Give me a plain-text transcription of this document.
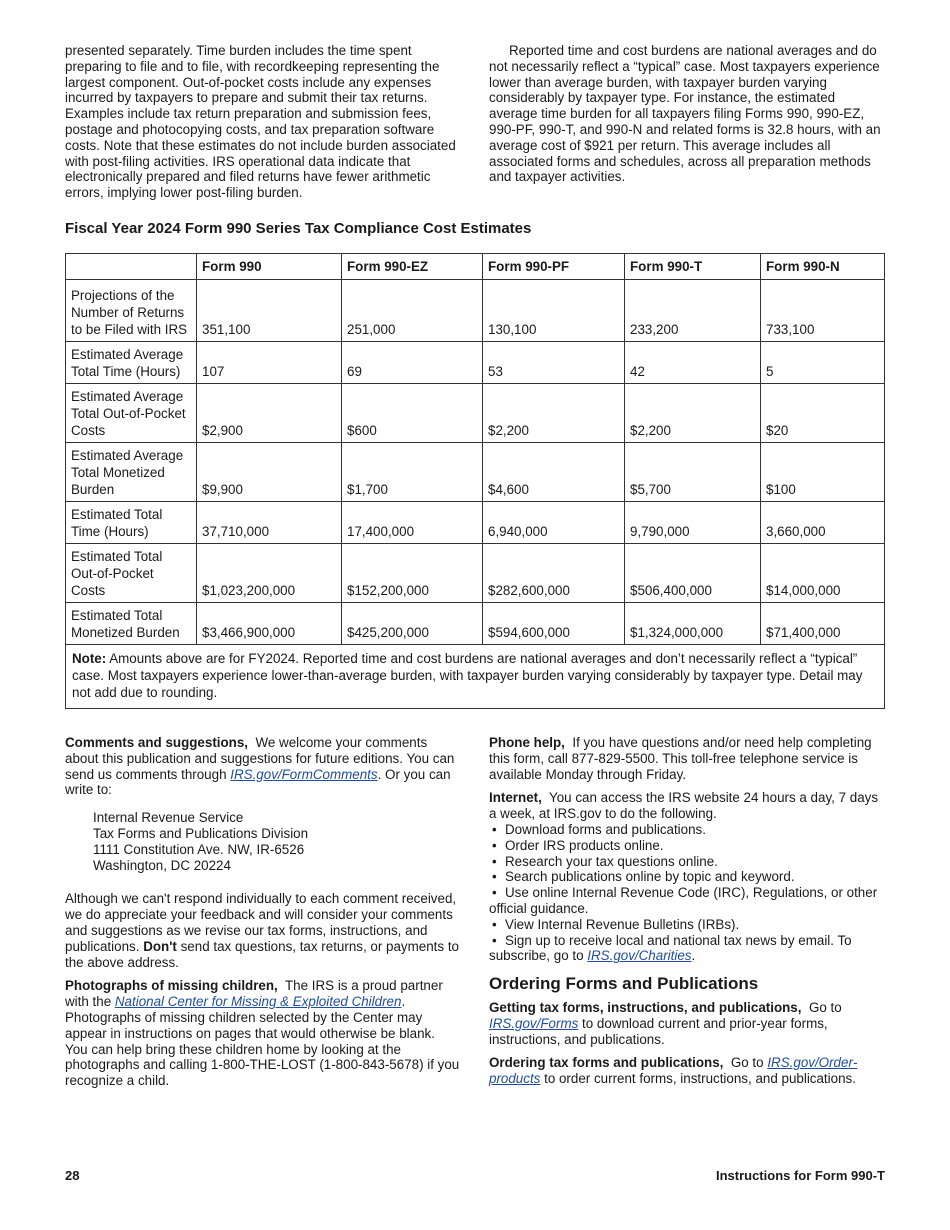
presented separately. Time burden includes the time spent preparing to file and to file, with recordkeeping representing the largest component. Out-of-pocket costs include any expenses incurred by taxpayers to prepare and submit their tax returns. Examples include tax return preparation and submission fees, postage and photocopying costs, and tax preparation software costs. Note that these estimates do not include burden associated with post-filing activities. IRS operational data indicate that electronically prepared and filed returns have fewer arithmetic errors, implying lower post-filing burden.

Reported time and cost burdens are national averages and do not necessarily reflect a “typical” case. Most taxpayers experience lower than average burden, with taxpayer burden varying considerably by taxpayer type. For instance, the estimated average time burden for all taxpayers filing Forms 990, 990-EZ, 990-PF, 990-T, and 990-N and related forms is 32.8 hours, with an average cost of $921 per return. This average includes all associated forms and schedules, across all preparation methods and taxpayer activities.

Fiscal Year 2024 Form 990 Series Tax Compliance Cost Estimates
	Form 990	Form 990-EZ	Form 990-PF	Form 990-T	Form 990-N
Projections of the Number of Returns to be Filed with IRS	351,100	251,000	130,100	233,200	733,100
Estimated Average Total Time (Hours)	107	69	53	42	5
Estimated Average Total Out-of-Pocket Costs	$2,900	$600	$2,200	$2,200	$20
Estimated Average Total Monetized Burden	$9,900	$1,700	$4,600	$5,700	$100
Estimated Total Time (Hours)	37,710,000	17,400,000	6,940,000	9,790,000	3,660,000
Estimated Total Out-of-Pocket Costs	$1,023,200,000	$152,200,000	$282,600,000	$506,400,000	$14,000,000
Estimated Total Monetized Burden	$3,466,900,000	$425,200,000	$594,600,000	$1,324,000,000	$71,400,000
Note: Amounts above are for FY2024. Reported time and cost burdens are national averages and don’t necessarily reflect a “typical” case. Most taxpayers experience lower-than-average burden, with taxpayer burden varying considerably by taxpayer type. Detail may not add due to rounding.					

Comments and suggestions, We welcome your comments about this publication and suggestions for future editions. You can send us comments through IRS.gov/FormComments. Or you can write to:

Internal Revenue Service
Tax Forms and Publications Division
1111 Constitution Ave. NW, IR-6526
Washington, DC 20224

Although we can't respond individually to each comment received, we do appreciate your feedback and will consider your comments and suggestions as we revise our tax forms, instructions, and publications. Don't send tax questions, tax returns, or payments to the above address.

Photographs of missing children, The IRS is a proud partner with the National Center for Missing & Exploited Children. Photographs of missing children selected by the Center may appear in instructions on pages that would otherwise be blank. You can help bring these children home by looking at the photographs and calling 1-800-THE-LOST (1-800-843-5678) if you recognize a child.

Phone help, If you have questions and/or need help completing this form, call 877-829-5500. This toll-free telephone service is available Monday through Friday.

Internet, You can access the IRS website 24 hours a day, 7 days a week, at IRS.gov to do the following.

• Download forms and publications.
• Order IRS products online.
• Research your tax questions online.
• Search publications online by topic and keyword.
• Use online Internal Revenue Code (IRC), Regulations, or other official guidance.
• View Internal Revenue Bulletins (IRBs).
• Sign up to receive local and national tax news by email. To subscribe, go to IRS.gov/Charities.
Ordering Forms and Publications

Getting tax forms, instructions, and publications, Go to IRS.gov/Forms to download current and prior-year forms, instructions, and publications.

Ordering tax forms and publications, Go to IRS.gov/Orderproducts to order current forms, instructions, and publications.

28	Instructions for Form 990-T
